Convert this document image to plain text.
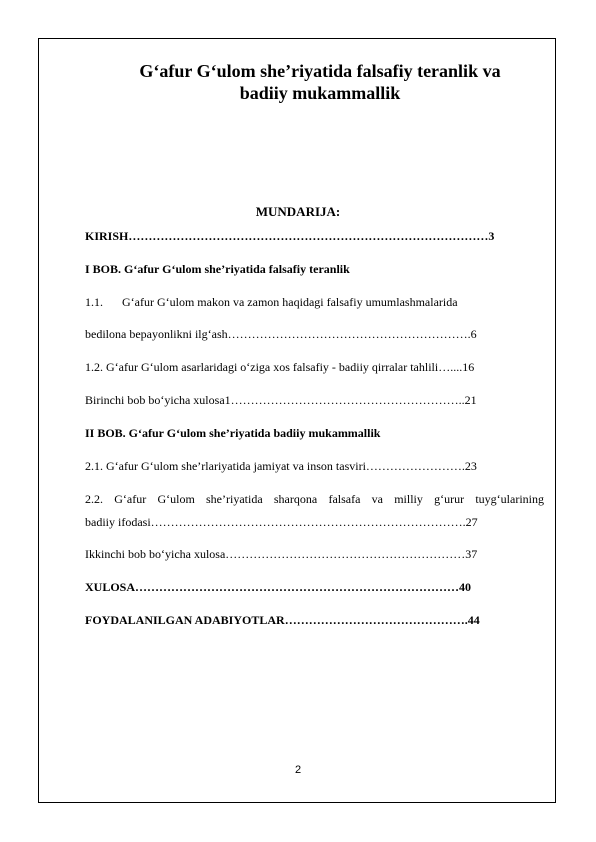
G‘afur G‘ulom she’riyatida falsafiy teranlik va
badiiy mukammallik
MUNDARIJA:
KIRISH………………………………………………………………………………3
I BOB. G‘afur G‘ulom she’riyatida falsafiy teranlik
1.1. G‘afur G‘ulom makon va zamon haqidagi falsafiy umumlashmalarida
bedilona bepayonlikni ilg‘ash…………………………………………………….6
1.2. G‘afur G‘ulom asarlaridagi o‘ziga xos falsafiy - badiiy qirralar tahlili…....16
Birinchi bob bo‘yicha xulosa1…………………………………………………..21
II BOB. G‘afur G‘ulom she’riyatida badiiy mukammallik
2.1. G‘afur G‘ulom she’rlariyatida jamiyat va inson tasviri…………………….23
2.2. G‘afur G‘ulom she’riyatida sharqona falsafa va milliy g‘urur tuyg‘ularining
badiiy ifodasi…………………………………………………………………….27
Ikkinchi bob bo‘yicha xulosa……………………………………………………37
XULOSA………………………………………………………………………40
FOYDALANILGAN ADABIYOTLAR……………………………………….44
2
